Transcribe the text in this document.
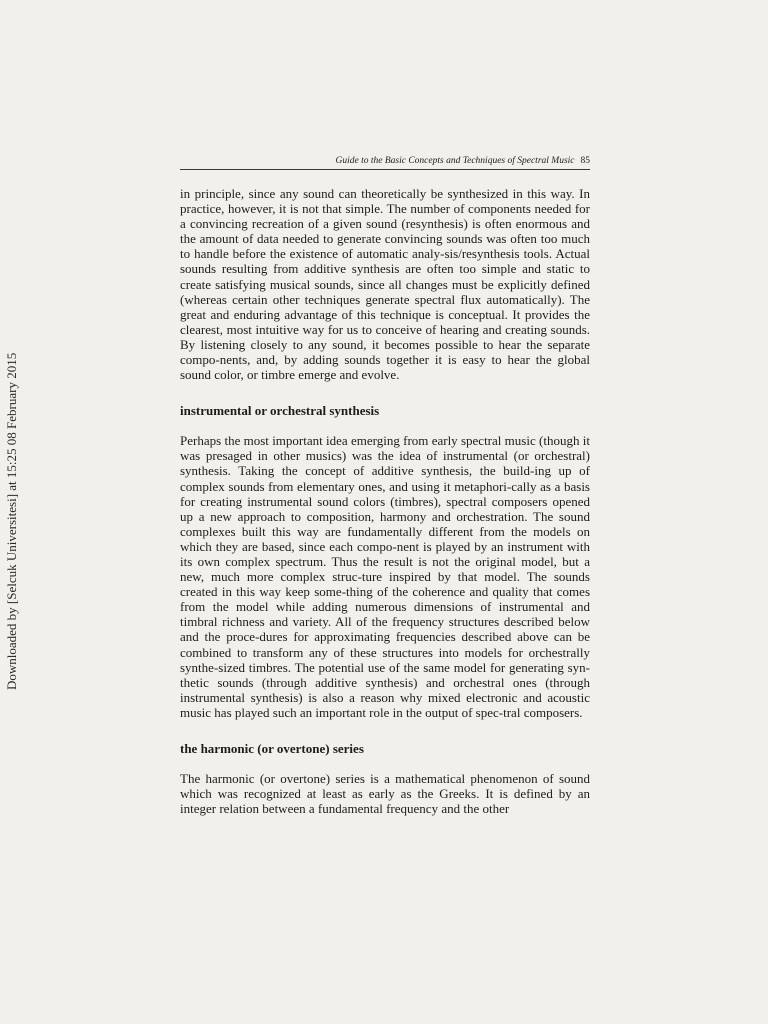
Guide to the Basic Concepts and Techniques of Spectral Music 85
Downloaded by [Selcuk Universitesi] at 15:25 08 February 2015

in principle, since any sound can theoretically be synthesized in this way. In practice, however, it is not that simple. The number of components needed for a convincing recreation of a given sound (resynthesis) is often enormous and the amount of data needed to generate convincing sounds was often too much to handle before the existence of automatic analy-sis/resynthesis tools. Actual sounds resulting from additive synthesis are often too simple and static to create satisfying musical sounds, since all changes must be explicitly defined (whereas certain other techniques generate spectral flux automatically). The great and enduring advantage of this technique is conceptual. It provides the clearest, most intuitive way for us to conceive of hearing and creating sounds. By listening closely to any sound, it becomes possible to hear the separate compo-nents, and, by adding sounds together it is easy to hear the global sound color, or timbre emerge and evolve.

instrumental or orchestral synthesis

Perhaps the most important idea emerging from early spectral music (though it was presaged in other musics) was the idea of instrumental (or orchestral) synthesis. Taking the concept of additive synthesis, the build-ing up of complex sounds from elementary ones, and using it metaphori-cally as a basis for creating instrumental sound colors (timbres), spectral composers opened up a new approach to composition, harmony and orchestration. The sound complexes built this way are fundamentally different from the models on which they are based, since each compo-nent is played by an instrument with its own complex spectrum. Thus the result is not the original model, but a new, much more complex struc-ture inspired by that model. The sounds created in this way keep some-thing of the coherence and quality that comes from the model while adding numerous dimensions of instrumental and timbral richness and variety. All of the frequency structures described below and the proce-dures for approximating frequencies described above can be combined to transform any of these structures into models for orchestrally synthe-sized timbres. The potential use of the same model for generating syn-thetic sounds (through additive synthesis) and orchestral ones (through instrumental synthesis) is also a reason why mixed electronic and acoustic music has played such an important role in the output of spec-tral composers.

the harmonic (or overtone) series

The harmonic (or overtone) series is a mathematical phenomenon of sound which was recognized at least as early as the Greeks. It is defined by an integer relation between a fundamental frequency and the other
